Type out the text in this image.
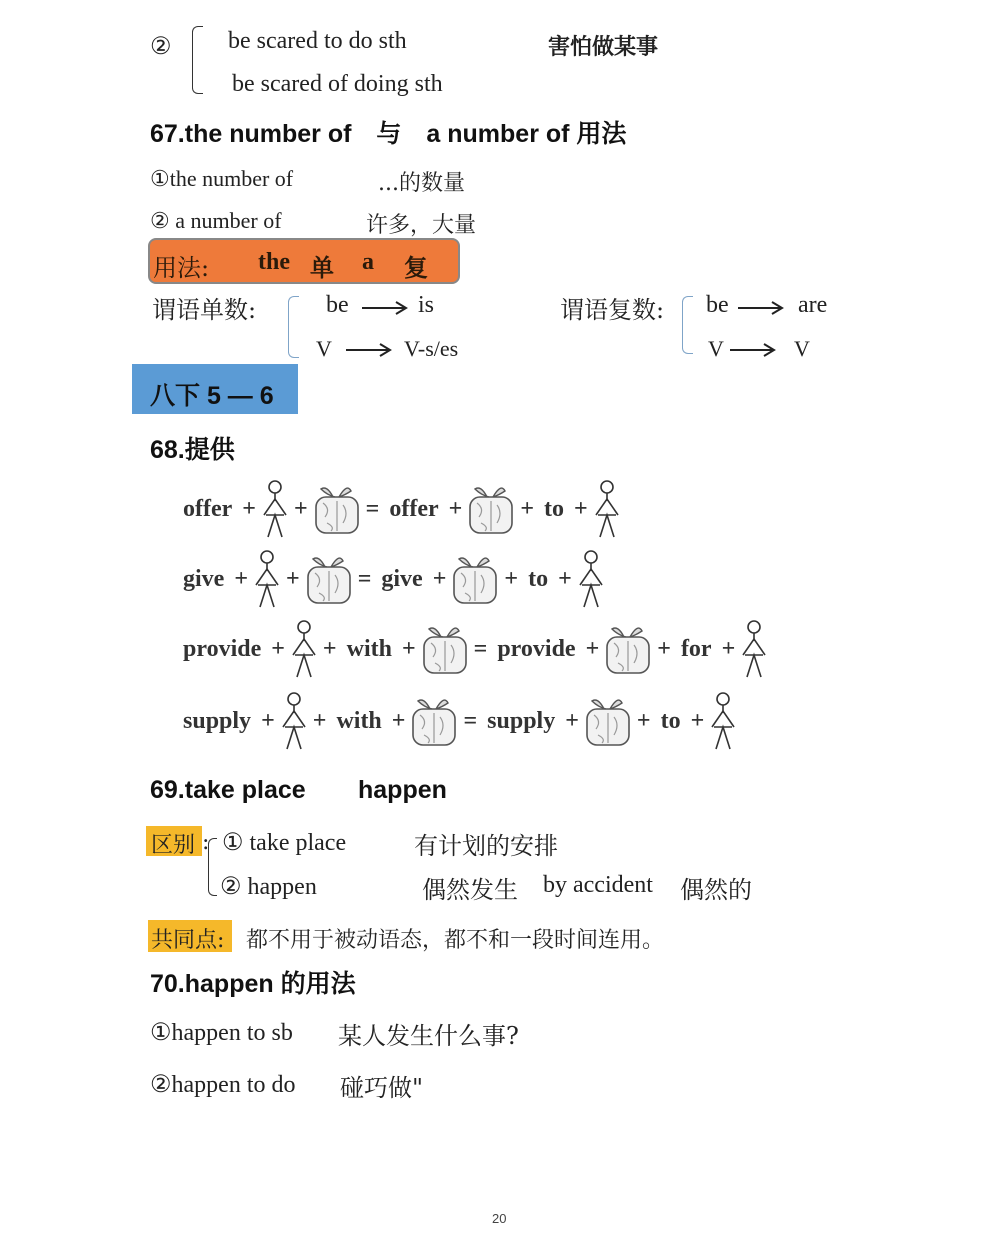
② be scared to do sth
be scared of doing sth
害怕做某事
67.the number of　与　a number of 用法
①the number of	...的数量
② a number of	许多，大量
用法: the 单 a 复
谓语单数:	be	is
V	V-s/es
谓语复数: be	are
V	V
八下 5 — 6
68.提供
offer + + = offer + + to +
give + + = give + + to +
provide + + with + = provide + + for +
supply + + with + = supply + + to +
69.take place happen
区别 : ① take place	有计划的安排
② happen	偶然发生 by accident 偶然的
共同点: 都不用于被动语态，都不和一段时间连用。
70.happen 的用法
①happen to sb 某人发生什么事?
②happen to do 碰巧做"
20
